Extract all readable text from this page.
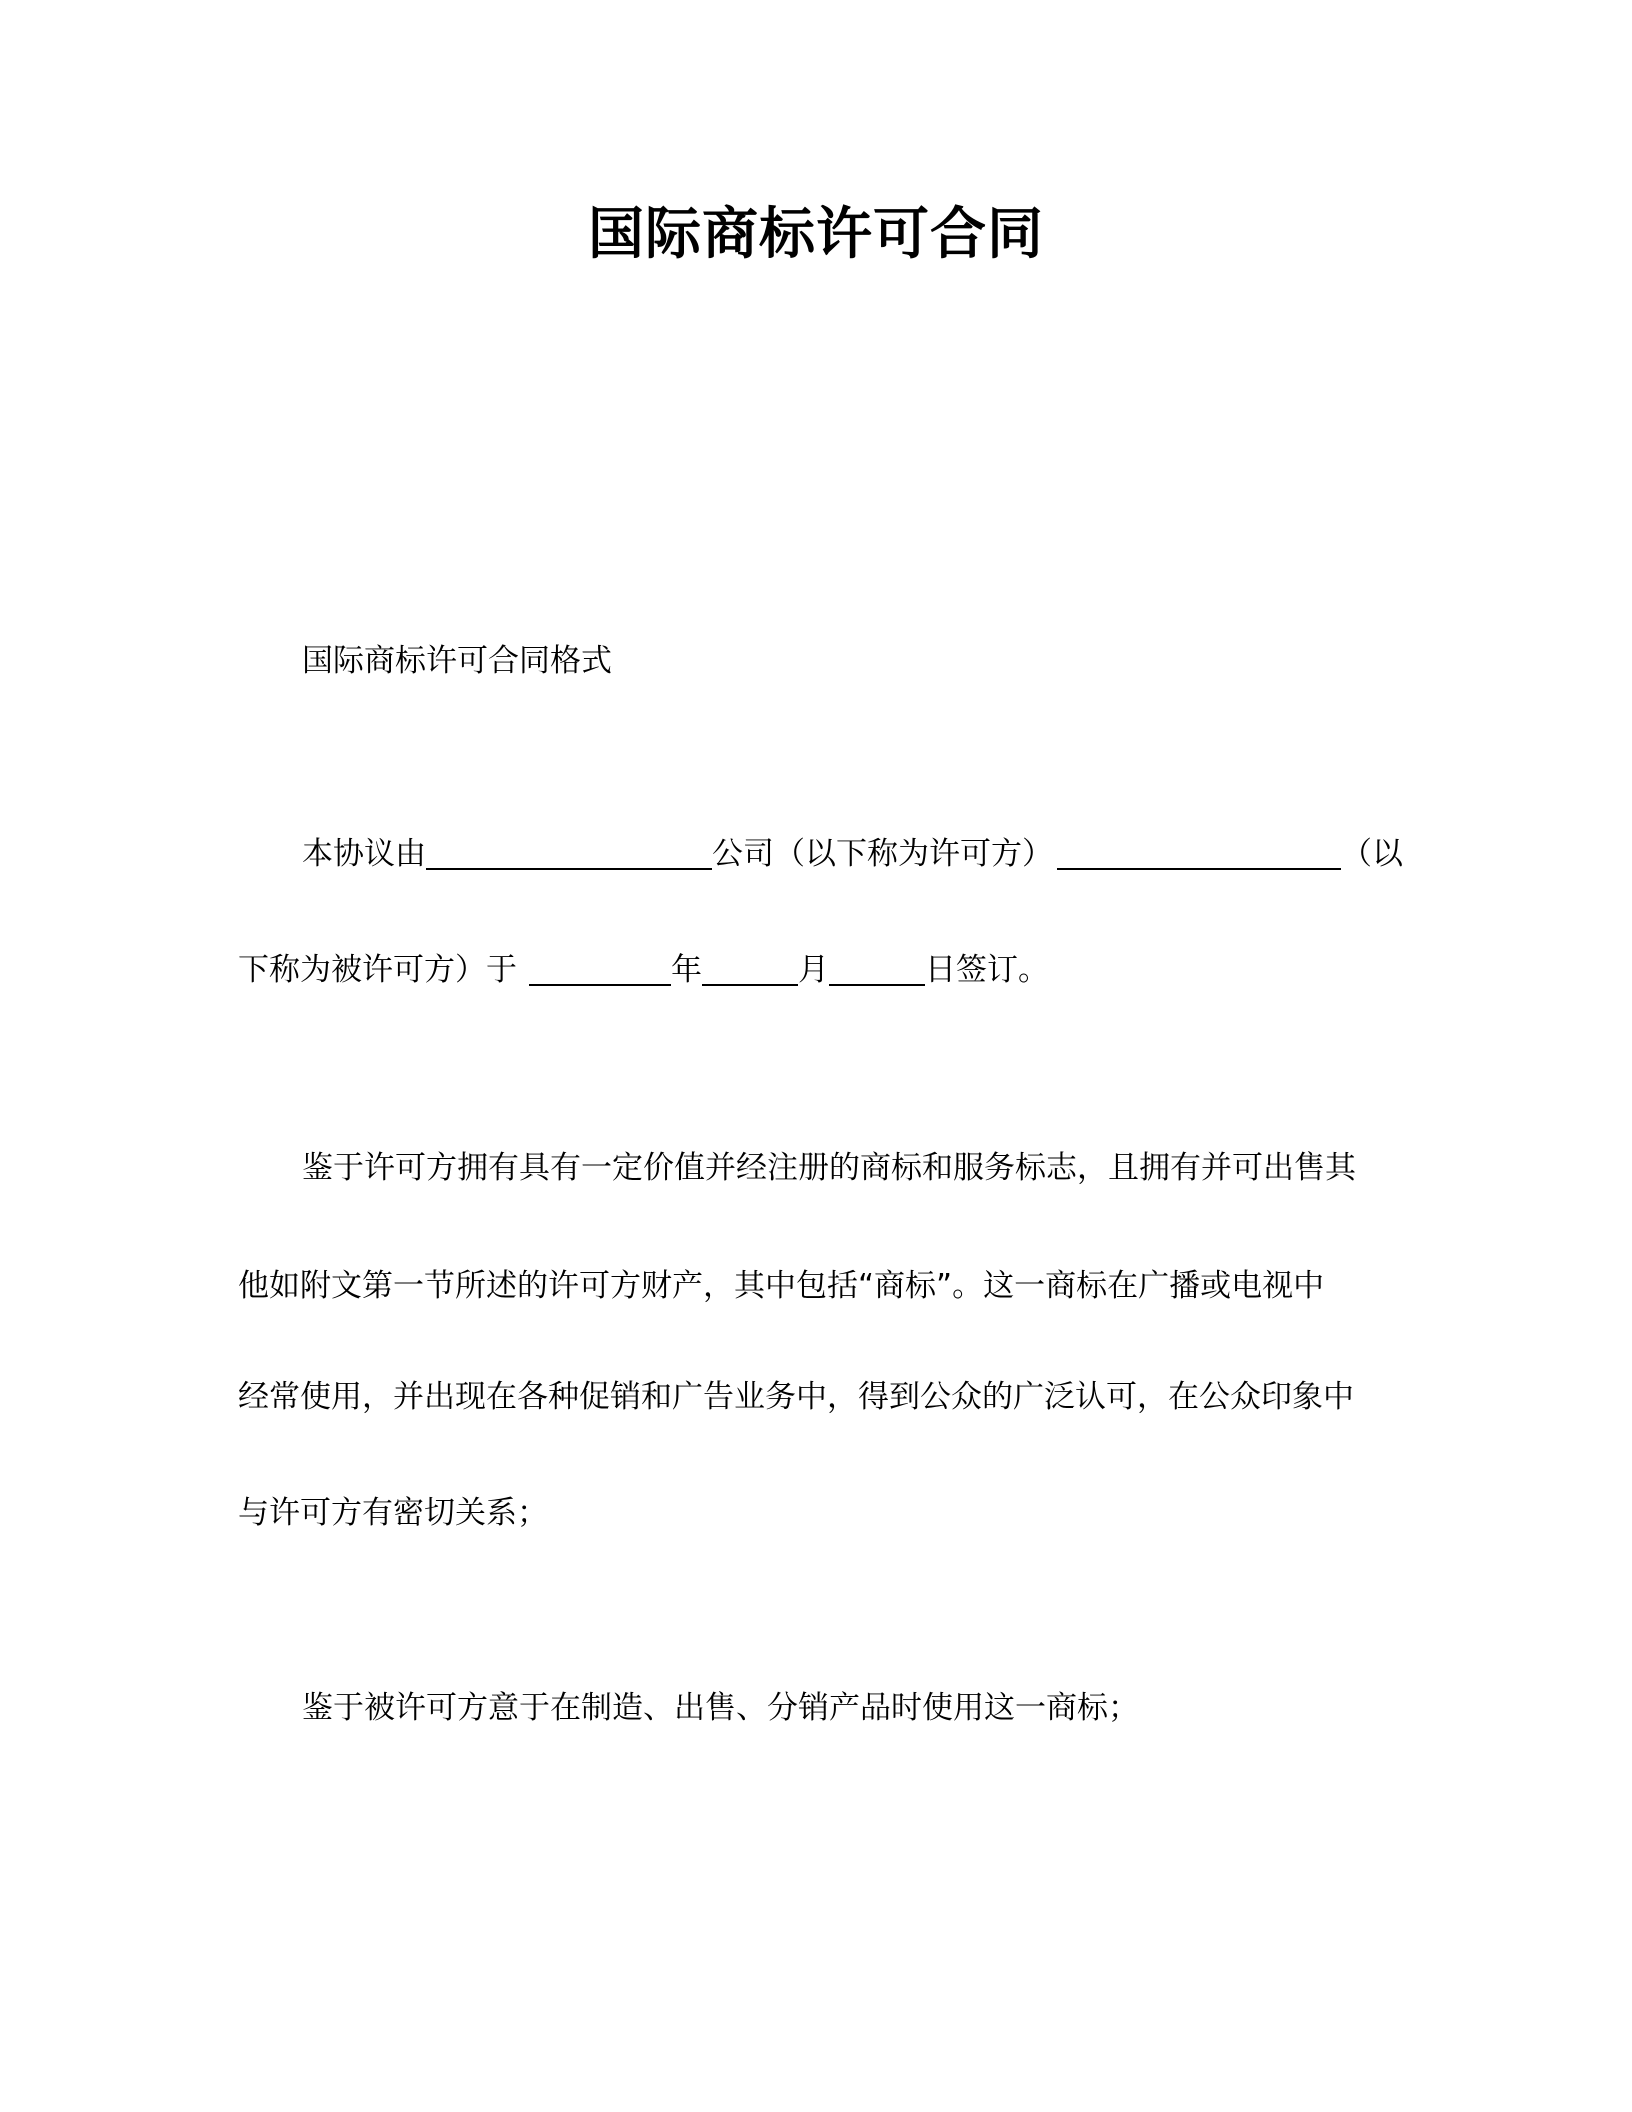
国际商标许可合同
国际商标许可合同格式
本协议由	公司（以下称为许可方）	（以
下称为被许可方）于	年	月	日签订。
鉴于许可方拥有具有一定价值并经注册的商标和服务标志，且拥有并可出售其
他如附文第一节所述的许可方财产，其中包括“商标”。这一商标在广播或电视中
经常使用，并出现在各种促销和广告业务中，得到公众的广泛认可，在公众印象中
与许可方有密切关系；
鉴于被许可方意于在制造、出售、分销产品时使用这一商标；
